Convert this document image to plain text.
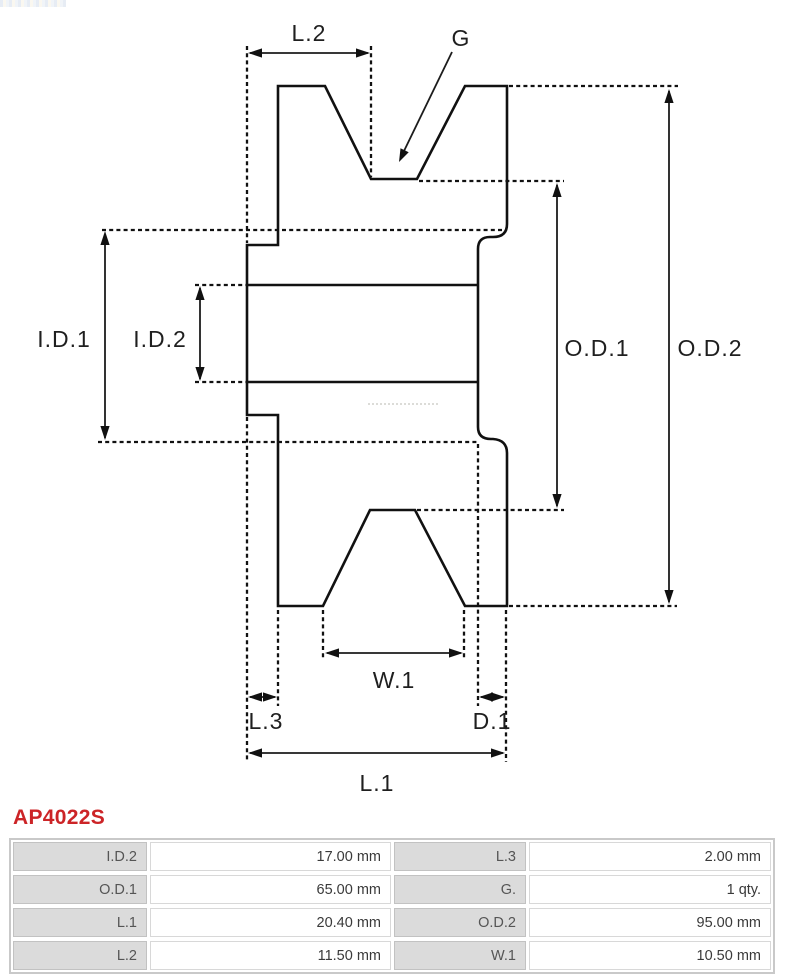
L.2	G
I.D.1 I.D.2	O.D.1 O.D.2
W.1
L.3	D.1
L.1
AP4022S
I.D.2	17.00 mm	L.3	2.00 mm
O.D.1	65.00 mm	G.	1 qty.
L.1	20.40 mm	O.D.2	95.00 mm
L.2	11.50 mm	W.1	10.50 mm
